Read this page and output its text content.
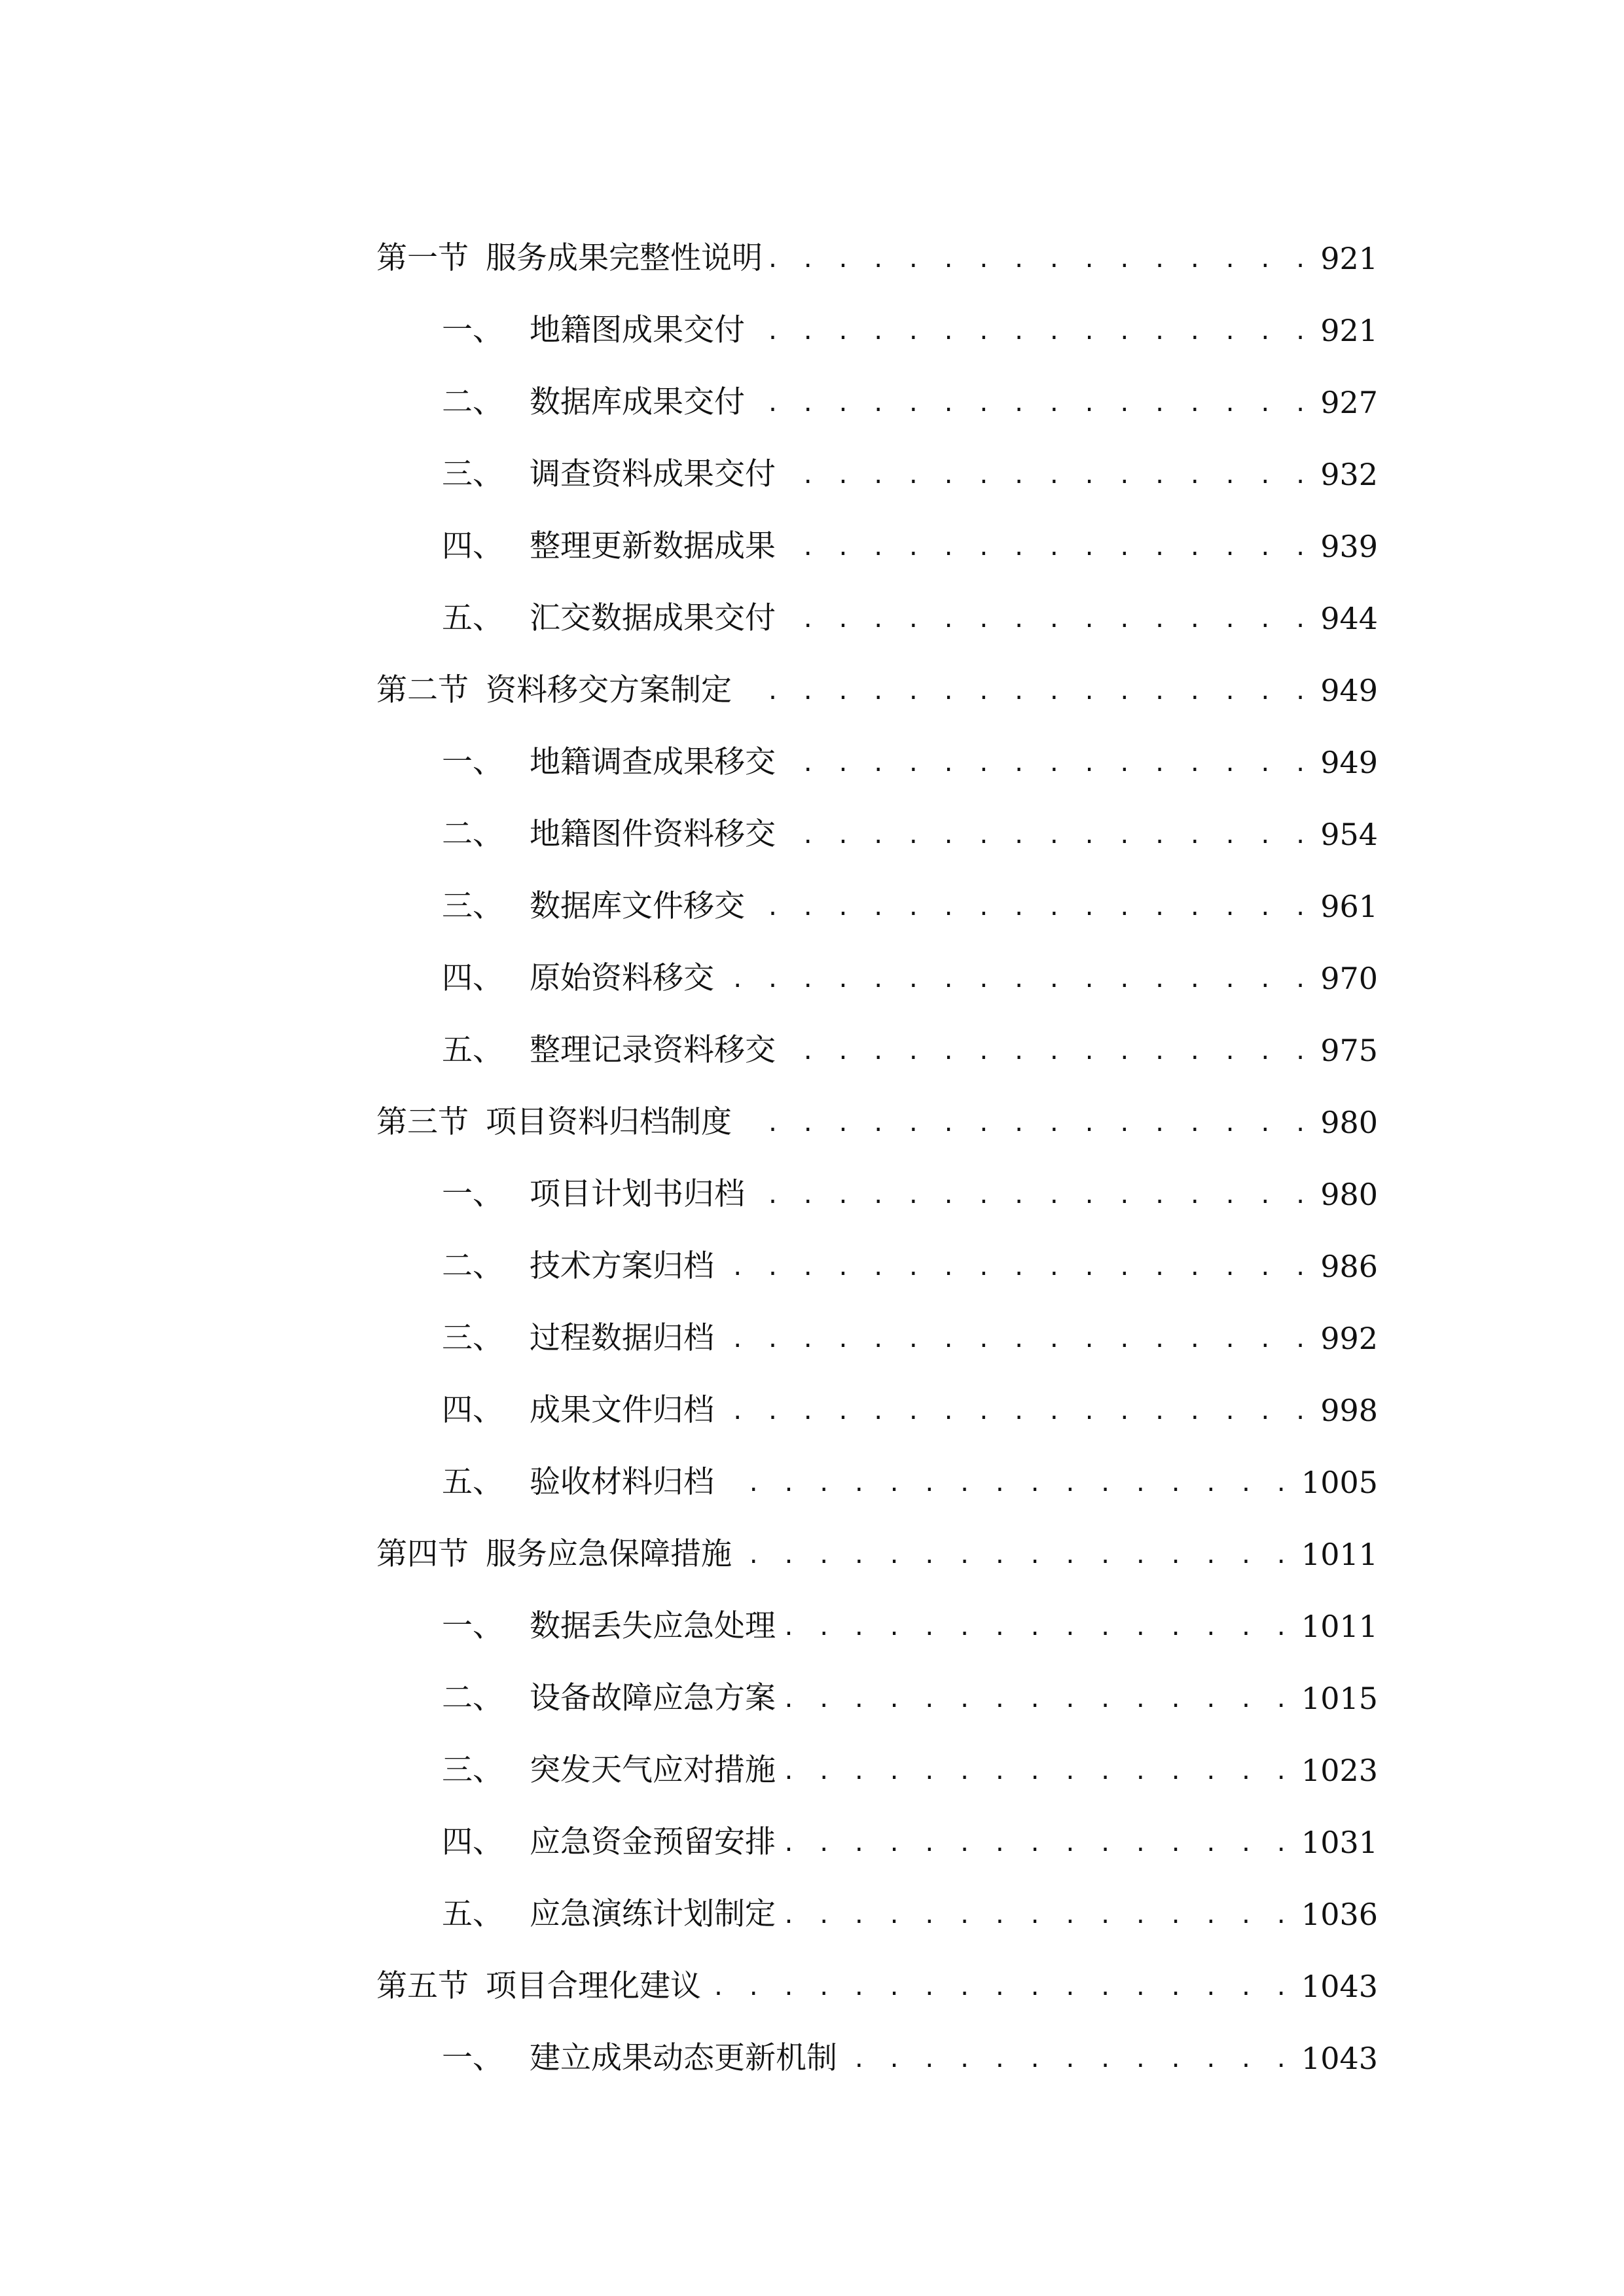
第一节 服务成果完整性说明 . . .	921
一、 地籍图成果交付 . . .	921
二、 数据库成果交付 . . .	927
三、 调查资料成果交付 . . .	932
四、 整理更新数据成果 . . .	939
五、 汇交数据成果交付 . . .	944
第二节 资料移交方案制定 . . .	949
一、 地籍调查成果移交 . . .	949
二、 地籍图件资料移交 . . .	954
三、 数据库文件移交 . . .	961
四、 原始资料移交 . . .	970
五、 整理记录资料移交 . . .	975
第三节 项目资料归档制度 . . .	980
一、 项目计划书归档 . . .	980
二、 技术方案归档 . . .	986
三、 过程数据归档 . . .	992
四、 成果文件归档 . . .	998
五、 验收材料归档 . . .	1005
第四节 服务应急保障措施 . . .	1011
一、 数据丢失应急处理 . . .	1011
二、 设备故障应急方案 . . .	1015
三、 突发天气应对措施 . . .	1023
四、 应急资金预留安排 . . .	1031
五、 应急演练计划制定 . . .	1036
第五节 项目合理化建议 . . .	1043
一、 建立成果动态更新机制 . . .	1043
